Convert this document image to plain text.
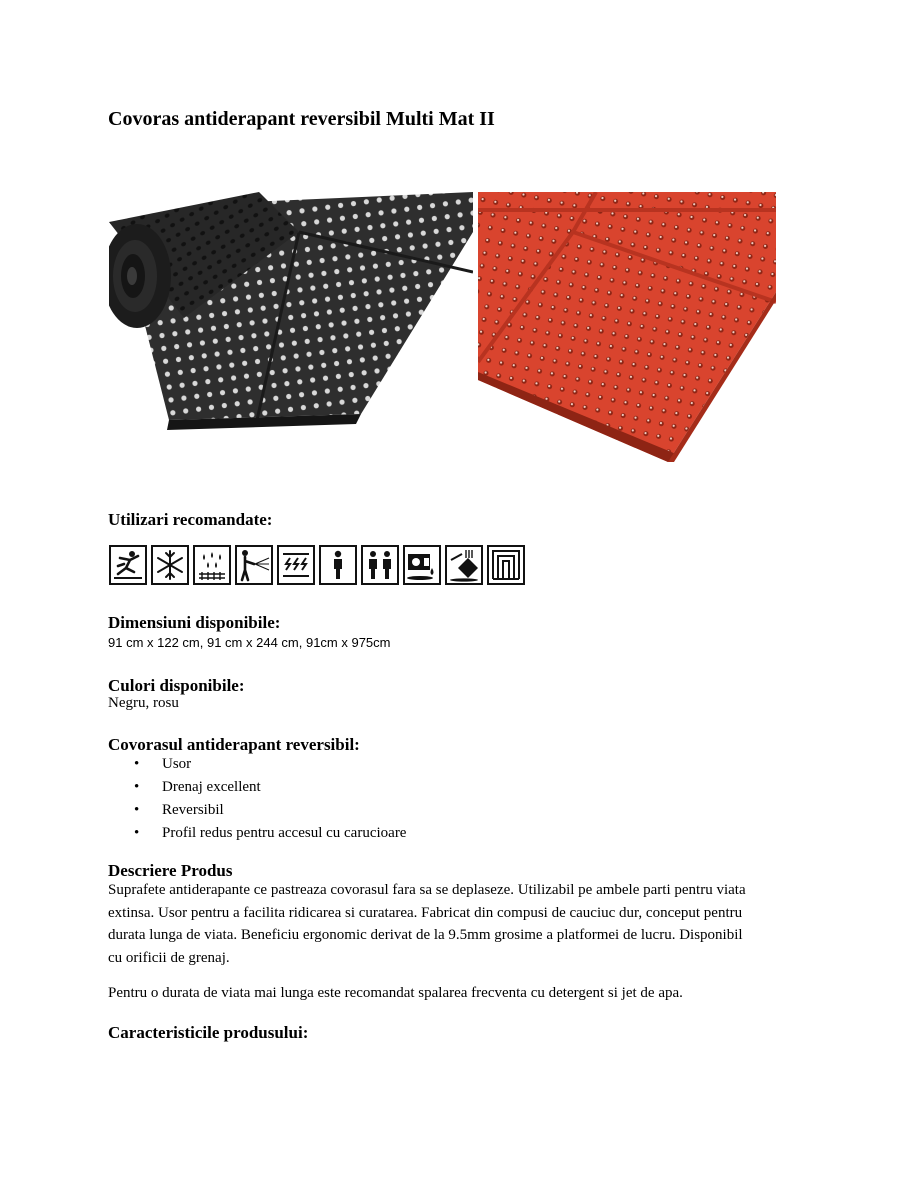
Covoras antiderapant reversibil Multi Mat II
Utilizari recomandate:
Dimensiuni disponibile:
91 cm x 122 cm, 91 cm x 244 cm, 91cm x 975cm
Culori disponibile:
Negru, rosu
Covorasul antiderapant reversibil:
• Usor
• Drenaj excellent
• Reversibil
• Profil redus pentru accesul cu carucioare
Descriere Produs
Suprafete antiderapante ce pastreaza covorasul fara sa se deplaseze. Utilizabil pe ambele parti pentru viata
extinsa. Usor pentru a facilita ridicarea si curatarea. Fabricat din compusi de cauciuc dur, conceput pentru
durata lunga de viata. Beneficiu ergonomic derivat de la 9.5mm grosime a platformei de lucru. Disponibil
cu orificii de grenaj.
Pentru o durata de viata mai lunga este recomandat spalarea frecventa cu detergent si jet de apa.
Caracteristicile produsului:
